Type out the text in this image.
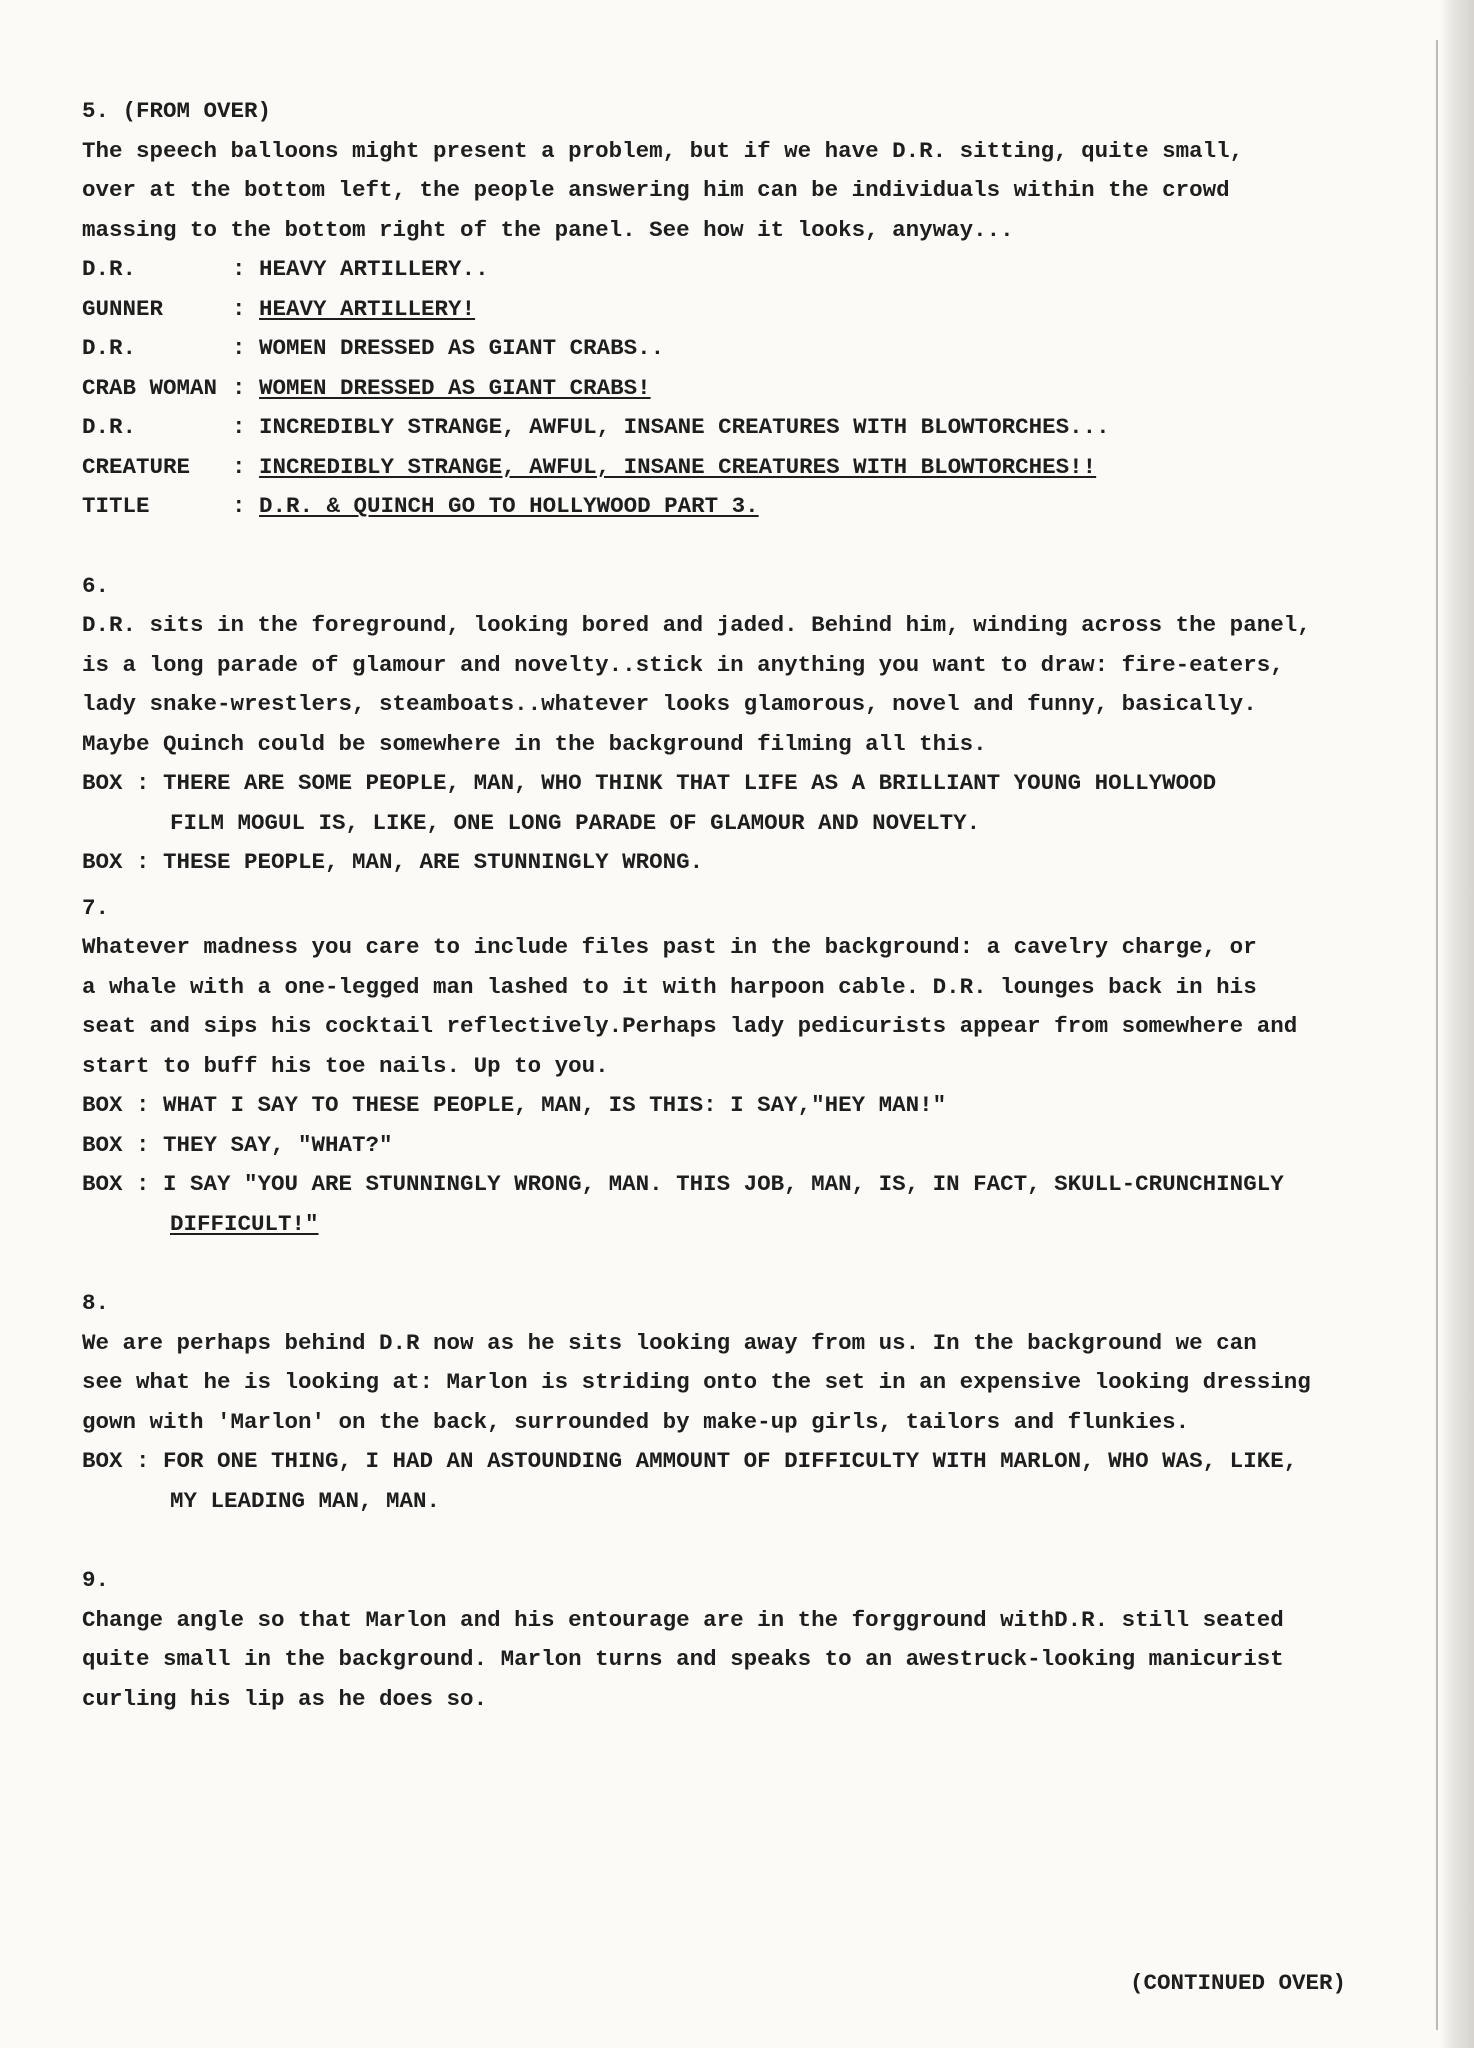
5. (FROM OVER)
The speech balloons might present a problem, but if we have D.R. sitting, quite small,
over at the bottom left, the people answering him can be individuals within the crowd
massing to the bottom right of the panel. See how it looks, anyway...
D.R.	:
HEAVY ARTILLERY..
GUNNER	:
HEAVY ARTILLERY!
D.R.	:
WOMEN DRESSED AS GIANT CRABS..
CRAB WOMAN :
WOMEN DRESSED AS GIANT CRABS!
D.R.	:
INCREDIBLY STRANGE, AWFUL, INSANE CREATURES WITH BLOWTORCHES...
CREATURE	:
INCREDIBLY STRANGE, AWFUL, INSANE CREATURES WITH BLOWTORCHES!!
TITLE	:
D.R. & QUINCH GO TO HOLLYWOOD PART 3.
6.
D.R. sits in the foreground, looking bored and jaded. Behind him, winding across the panel,
is a long parade of glamour and novelty..stick in anything you want to draw: fire-eaters,
lady snake-wrestlers, steamboats..whatever looks glamorous, novel and funny, basically.
Maybe Quinch could be somewhere in the background filming all this.
BOX : THERE ARE SOME PEOPLE, MAN, WHO THINK THAT LIFE AS A BRILLIANT YOUNG HOLLYWOOD
FILM MOGUL IS, LIKE, ONE LONG PARADE OF GLAMOUR AND NOVELTY.
BOX : THESE PEOPLE, MAN, ARE STUNNINGLY WRONG.
7.
Whatever madness you care to include files past in the background: a cavelry charge, or
a whale with a one-legged man lashed to it with harpoon cable. D.R. lounges back in his
seat and sips his cocktail reflectively.Perhaps lady pedicurists appear from somewhere and
start to buff his toe nails. Up to you.
BOX : WHAT I SAY TO THESE PEOPLE, MAN, IS THIS: I SAY,"HEY MAN!"
BOX : THEY SAY, "WHAT?"
BOX : I SAY "YOU ARE STUNNINGLY WRONG, MAN. THIS JOB, MAN, IS, IN FACT, SKULL-CRUNCHINGLY
DIFFICULT!"
8.
We are perhaps behind D.R now as he sits looking away from us. In the background we can
see what he is looking at: Marlon is striding onto the set in an expensive looking dressing
gown with 'Marlon' on the back, surrounded by make-up girls, tailors and flunkies.
BOX : FOR ONE THING, I HAD AN ASTOUNDING AMMOUNT OF DIFFICULTY WITH MARLON, WHO WAS, LIKE,
MY LEADING MAN, MAN.
9.
Change angle so that Marlon and his entourage are in the forgground withD.R. still seated
quite small in the background. Marlon turns and speaks to an awestruck-looking manicurist
curling his lip as he does so.
(CONTINUED OVER)
